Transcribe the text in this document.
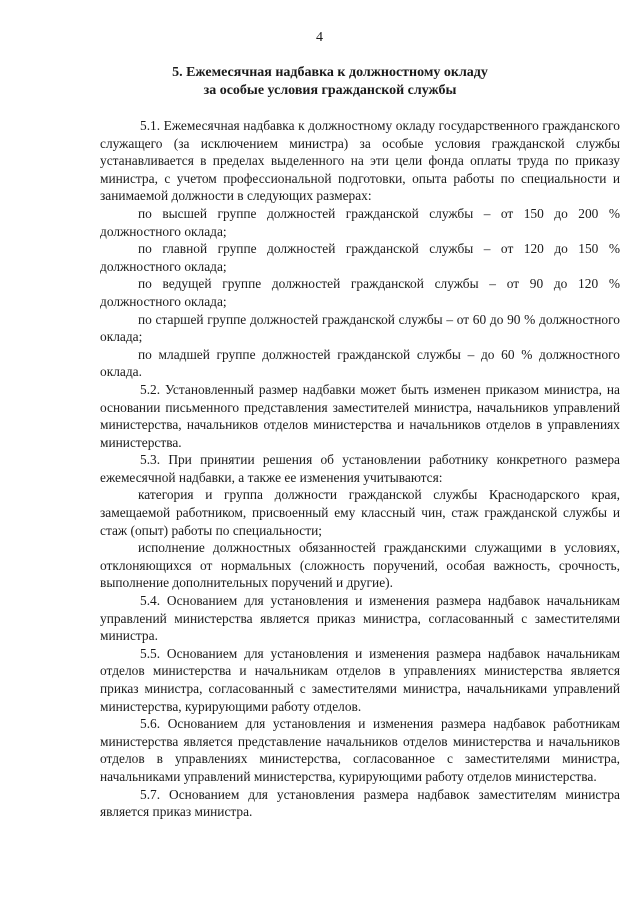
4
5. Ежемесячная надбавка к должностному окладу
за особые условия гражданской службы

5.1. Ежемесячная надбавка к должностному окладу государственного гражданского служащего (за исключением министра) за особые условия гражданской службы устанавливается в пределах выделенного на эти цели фонда оплаты труда по приказу министра, с учетом профессиональной подготовки, опыта работы по специальности и занимаемой должности в следующих размерах:

по высшей группе должностей гражданской службы – от 150 до 200 % должностного оклада;

по главной группе должностей гражданской службы – от 120 до 150 % должностного оклада;

по ведущей группе должностей гражданской службы – от 90 до 120 % должностного оклада;

по старшей группе должностей гражданской службы – от 60 до 90 % должностного оклада;

по младшей группе должностей гражданской службы – до 60 % должностного оклада.

5.2. Установленный размер надбавки может быть изменен приказом министра, на основании письменного представления заместителей министра, начальников управлений министерства, начальников отделов министерства и начальников отделов в управлениях министерства.

5.3. При принятии решения об установлении работнику конкретного размера ежемесячной надбавки, а также ее изменения учитываются:

категория и группа должности гражданской службы Краснодарского края, замещаемой работником, присвоенный ему классный чин, стаж гражданской службы и стаж (опыт) работы по специальности;

исполнение должностных обязанностей гражданскими служащими в условиях, отклоняющихся от нормальных (сложность поручений, особая важность, срочность, выполнение дополнительных поручений и другие).

5.4. Основанием для установления и изменения размера надбавок начальникам управлений министерства является приказ министра, согласованный с заместителями министра.

5.5. Основанием для установления и изменения размера надбавок начальникам отделов министерства и начальникам отделов в управлениях министерства является приказ министра, согласованный с заместителями министра, начальниками управлений министерства, курирующими работу отделов.

5.6. Основанием для установления и изменения размера надбавок работникам министерства является представление начальников отделов министерства и начальников отделов в управлениях министерства, согласованное с заместителями министра, начальниками управлений министерства, курирующими работу отделов министерства.

5.7. Основанием для установления размера надбавок заместителям министра является приказ министра.
